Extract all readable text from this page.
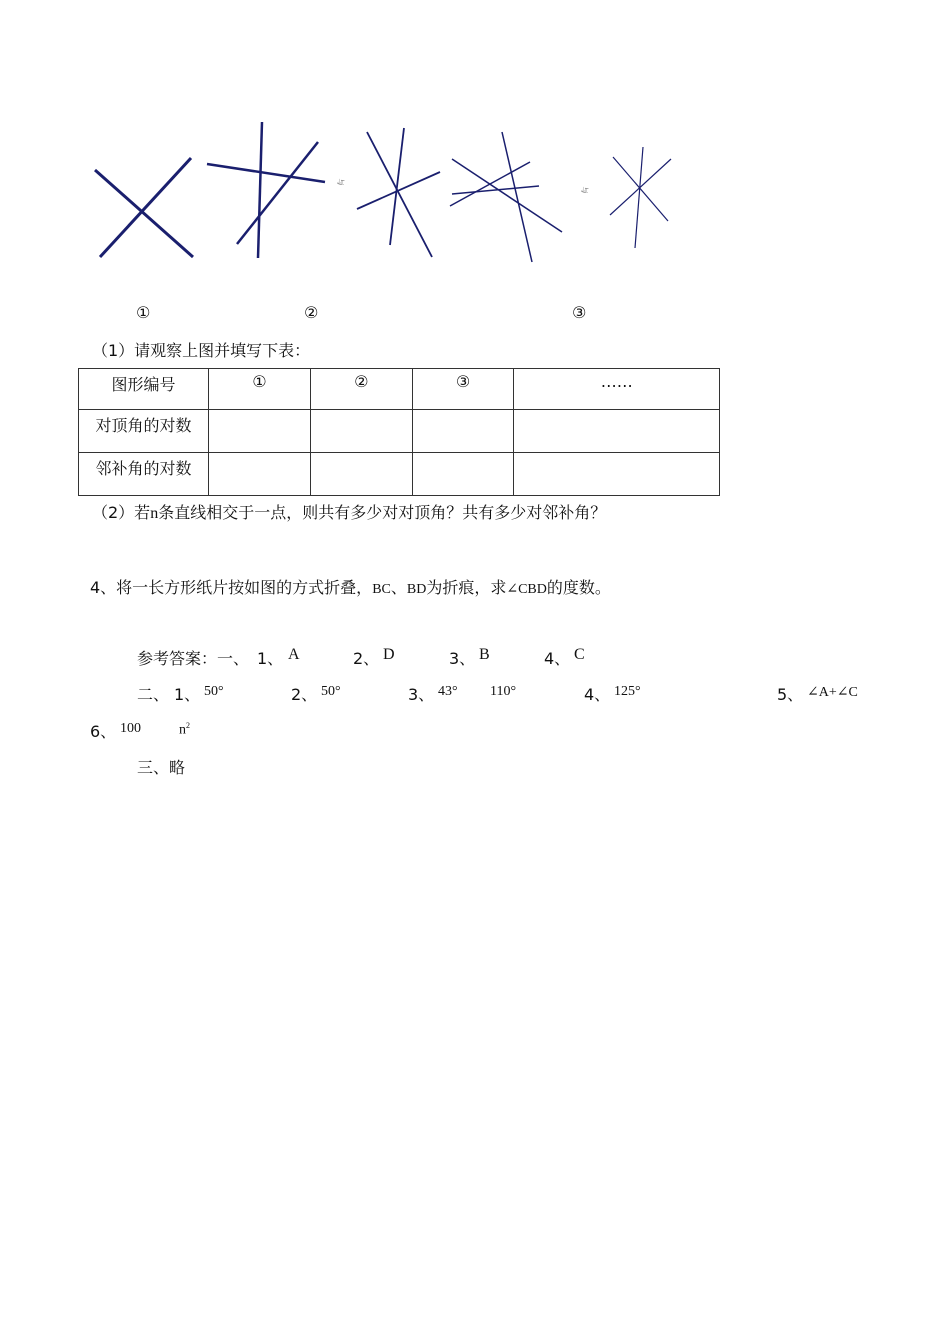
与
与
①	②	③
（1）请观察上图并填写下表：
图形编号	①	②	③	……
对顶角的对数				
邻补角的对数				
（2）若n条直线相交于一点，则共有多少对对顶角？共有多少对邻补角？
4、将一长方形纸片按如图的方式折叠，BC、BD为折痕，求∠CBD的度数。
参考答案：一、 1、 A	2、 D	3、 B	4、 C
二、 1、 50°	2、 50°	3、 43° 110°	4、 125°	5、 ∠A+∠C
6、 100	$n^2$
三、略
